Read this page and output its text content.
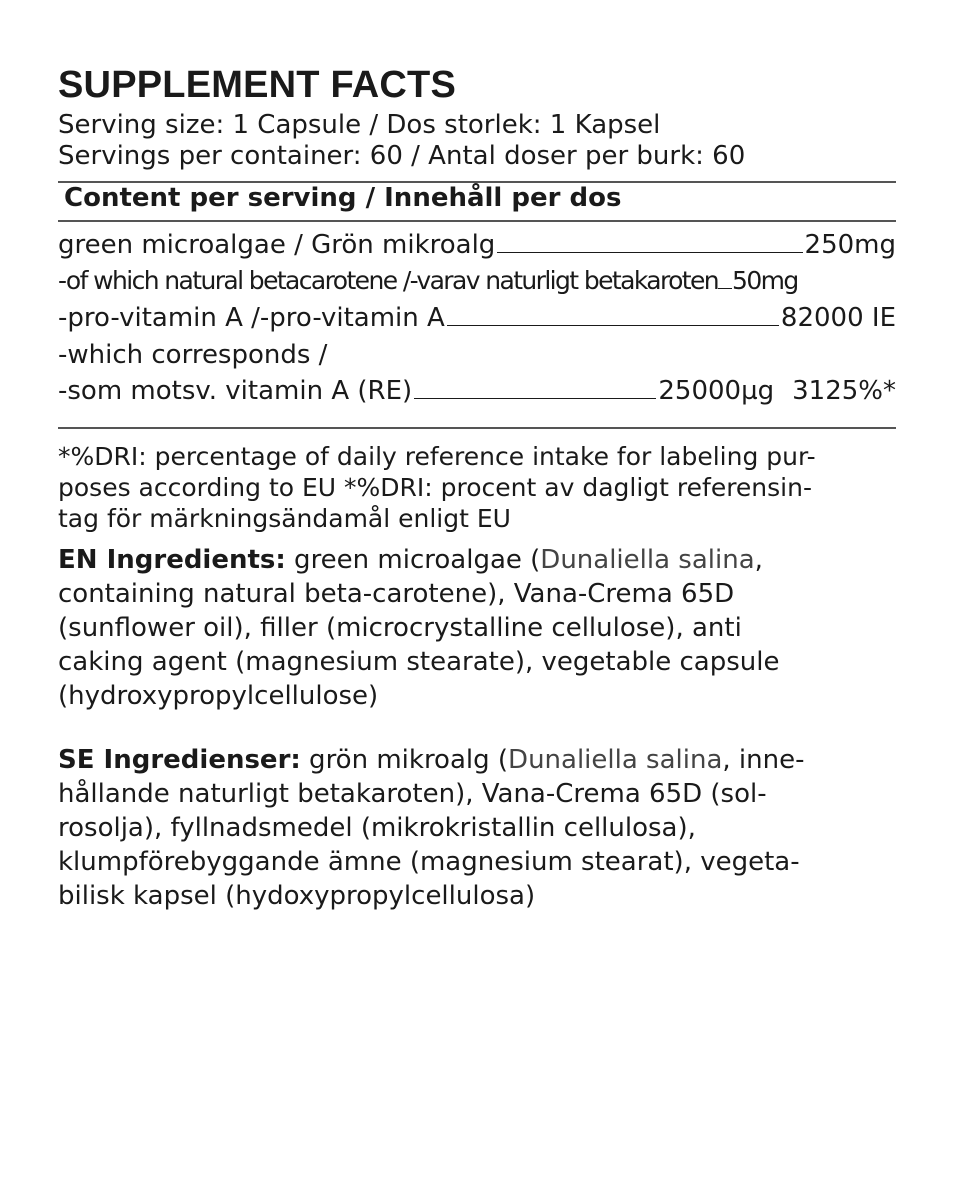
SUPPLEMENT FACTS
Serving size: 1 Capsule / Dos storlek: 1 Kapsel
Servings per container: 60 / Antal doser per burk: 60
Content per serving / Innehåll per dos
green microalgae / Grön mikroalg	250mg
-of which natural betacarotene /-varav naturligt betakaroten 50mg
-pro-vitamin A /-pro-vitamin A	82000 IE
-which corresponds /
-som motsv. vitamin A (RE)	25000µg 3125%*
*%DRI: percentage of daily reference intake for labeling pur-
poses according to EU *%DRI: procent av dagligt referensin-
tag för märkningsändamål enligt EU
EN Ingredients: green microalgae (Dunaliella salina,
containing natural beta-carotene), Vana-Crema 65D
(sunflower oil), filler (microcrystalline cellulose), anti
caking agent (magnesium stearate), vegetable capsule
(hydroxypropylcellulose)
SE Ingredienser: grön mikroalg (Dunaliella salina, inne-
hållande naturligt betakaroten), Vana-Crema 65D (sol-
rosolja), fyllnadsmedel (mikrokristallin cellulosa),
klumpförebyggande ämne (magnesium stearat), vegeta-
bilisk kapsel (hydoxypropylcellulosa)
